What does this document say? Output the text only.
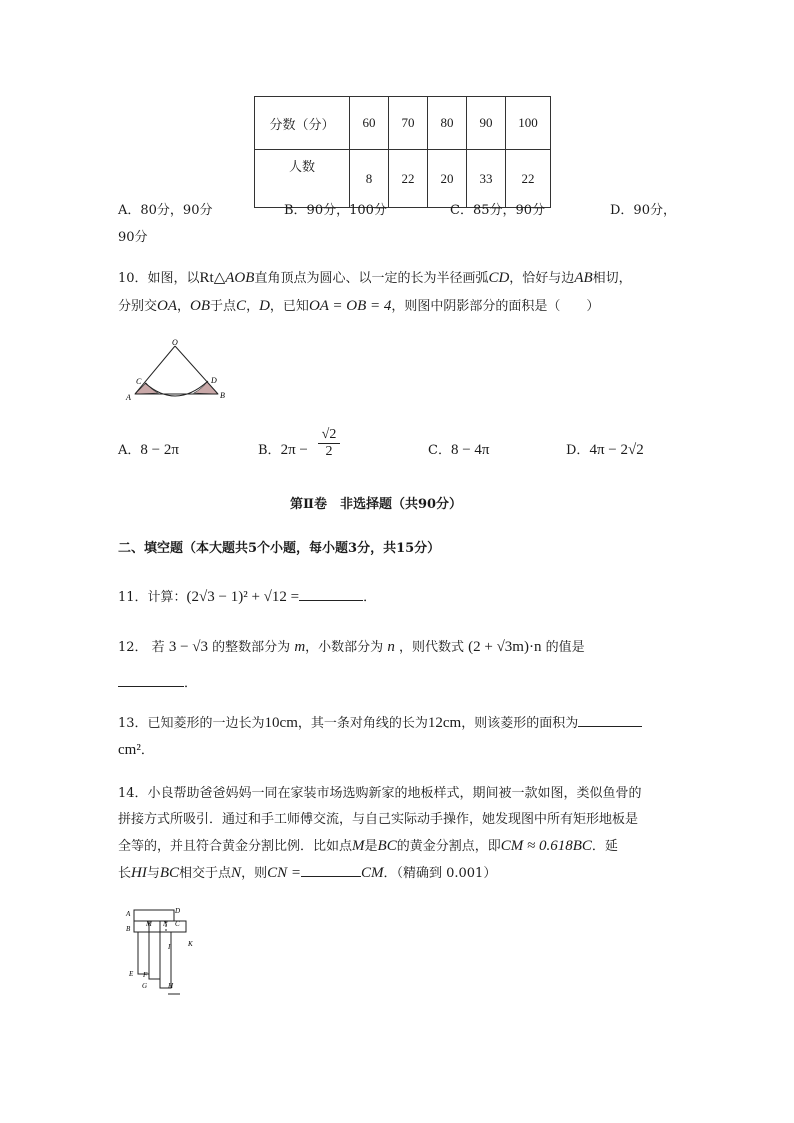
分数（分）	60	70	80	90	100
人数	8	22	20	33	22
A．80分，90分	B．90分，100分	C．85分，90分	D．90分，
90分
10．如图，以Rt△AOB直角顶点为圆心、以一定的长为半径画弧CD，恰好与边AB相切，
分别交OA，OB于点C，D，已知OA = OB = 4，则图中阴影部分的面积是（　　）
O
C	D
A	B
A．8 − 2π	B．$2\pi - \frac{√2}{2}$	C．8 − 4π	D．4π − 2√2
第Ⅱ卷　非选择题（共90分）
二、填空题（本大题共5个小题，每小题3分，共15分）
11．计算：(2√3 − 1)² + √12 =	．
12． 若 3 − √3 的整数部分为 m，小数部分为 n ，则代数式 (2 + √3m)·n 的值是
．
13．已知菱形的一边长为10cm，其一条对角线的长为12cm，则该菱形的面积为
cm²．
14．小良帮助爸爸妈妈一同在家装市场选购新家的地板样式，期间被一款如图，类似鱼骨的
拼接方式所吸引．通过和手工师傅交流，与自己实际动手操作，她发现图中所有矩形地板是
全等的，并且符合黄金分割比例．比如点M是BC的黄金分割点，即CM ≈ 0.618BC．延
长HI与BC相交于点N，则CN =	CM．（精确到 0.001）
A
B
M N
D
C
I	K
E F
G	H
